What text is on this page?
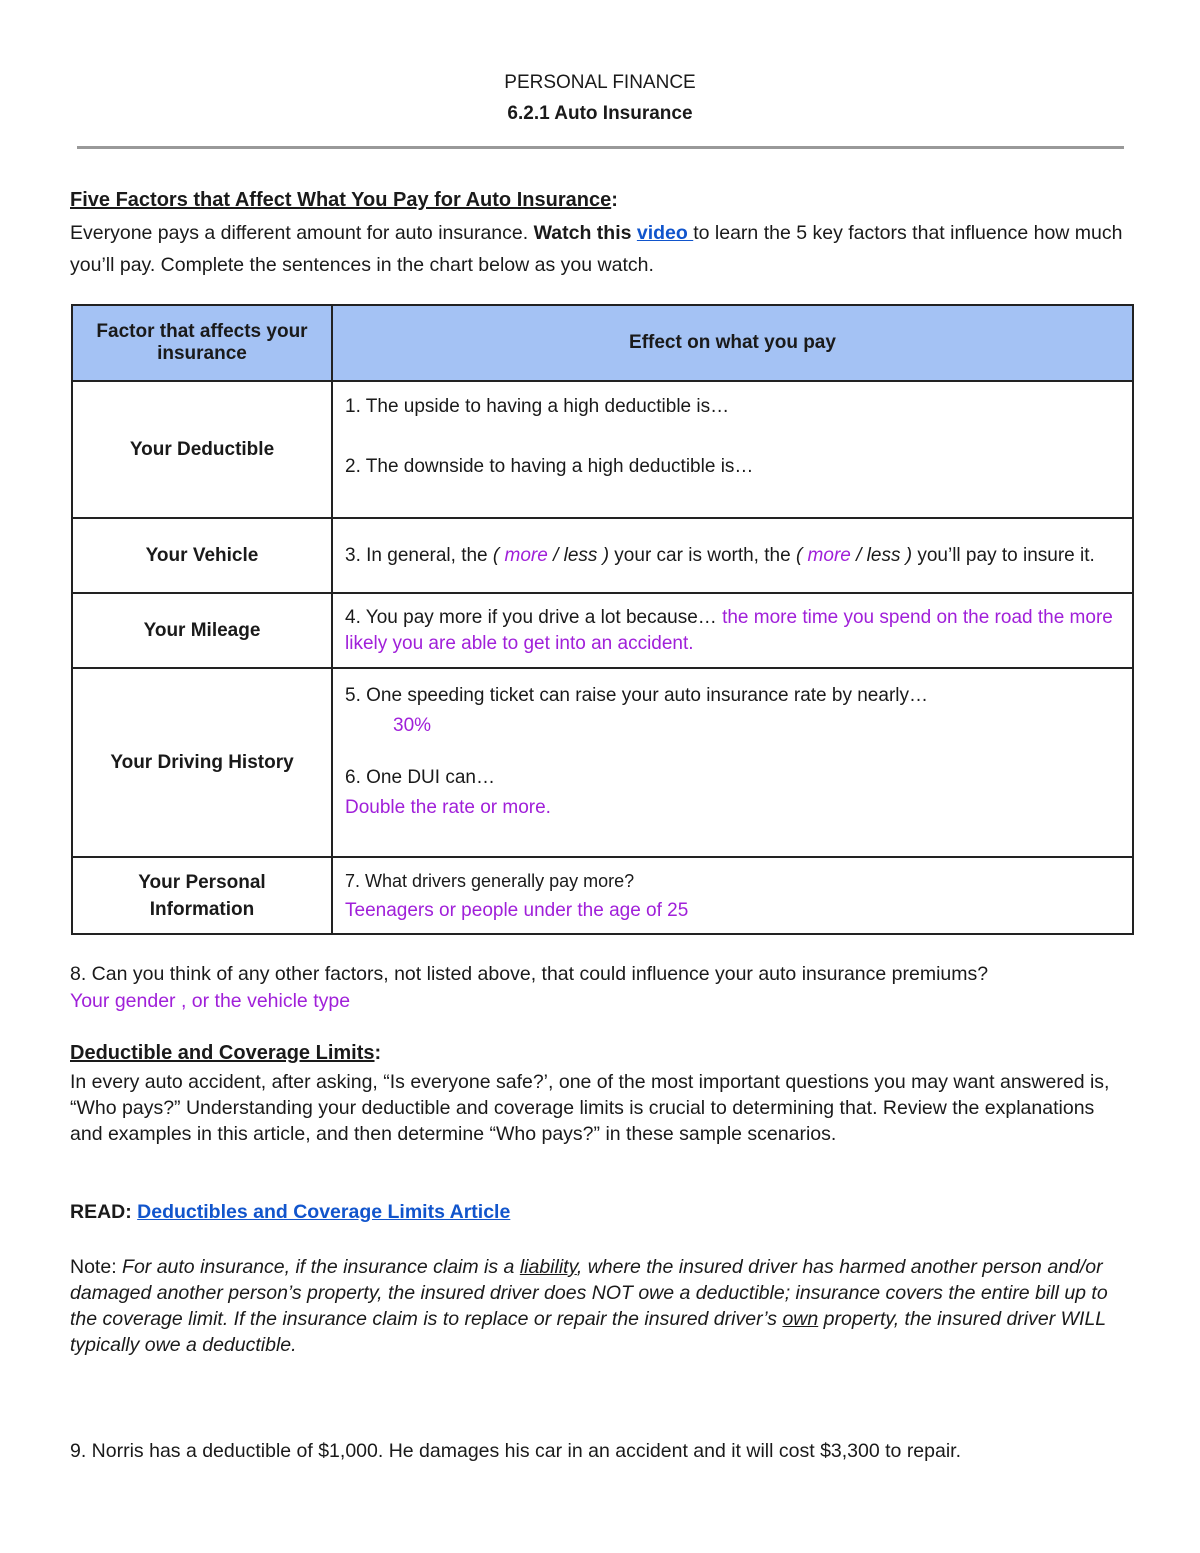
PERSONAL FINANCE
6.2.1 Auto Insurance
Five Factors that Affect What You Pay for Auto Insurance:
Everyone pays a different amount for auto insurance. Watch this video to learn the 5 key factors that influence how much you’ll pay. Complete the sentences in the chart below as you watch.
Factor that affects your insurance	Effect on what you pay
Your Deductible	1. The upside to having a high deductible is…
2. The downside to having a high deductible is…

Your Vehicle	3. In general, the ( more / less ) your car is worth, the ( more / less ) you’ll pay to insure it.
Your Mileage	4. You pay more if you drive a lot because… the more time you spend on the road the more likely you are able to get into an accident.
Your Driving History	5. One speeding ticket can raise your auto insurance rate by nearly…
30%
6. One DUI can…
Double the rate or more.

Your Personal Information	7. What drivers generally pay more?
Teenagers or people under the age of 25
8. Can you think of any other factors, not listed above, that could influence your auto insurance premiums?
Your gender , or the vehicle type
Deductible and Coverage Limits:
In every auto accident, after asking, “Is everyone safe?’, one of the most important questions you may want answered is, “Who pays?” Understanding your deductible and coverage limits is crucial to determining that. Review the explanations and examples in this article, and then determine “Who pays?” in these sample scenarios.
READ: Deductibles and Coverage Limits Article
Note: For auto insurance, if the insurance claim is a liability, where the insured driver has harmed another person and/or damaged another person’s property, the insured driver does NOT owe a deductible; insurance covers the entire bill up to the coverage limit. If the insurance claim is to replace or repair the insured driver’s own property, the insured driver WILL typically owe a deductible.
9. Norris has a deductible of $1,000. He damages his car in an accident and it will cost $3,300 to repair.
